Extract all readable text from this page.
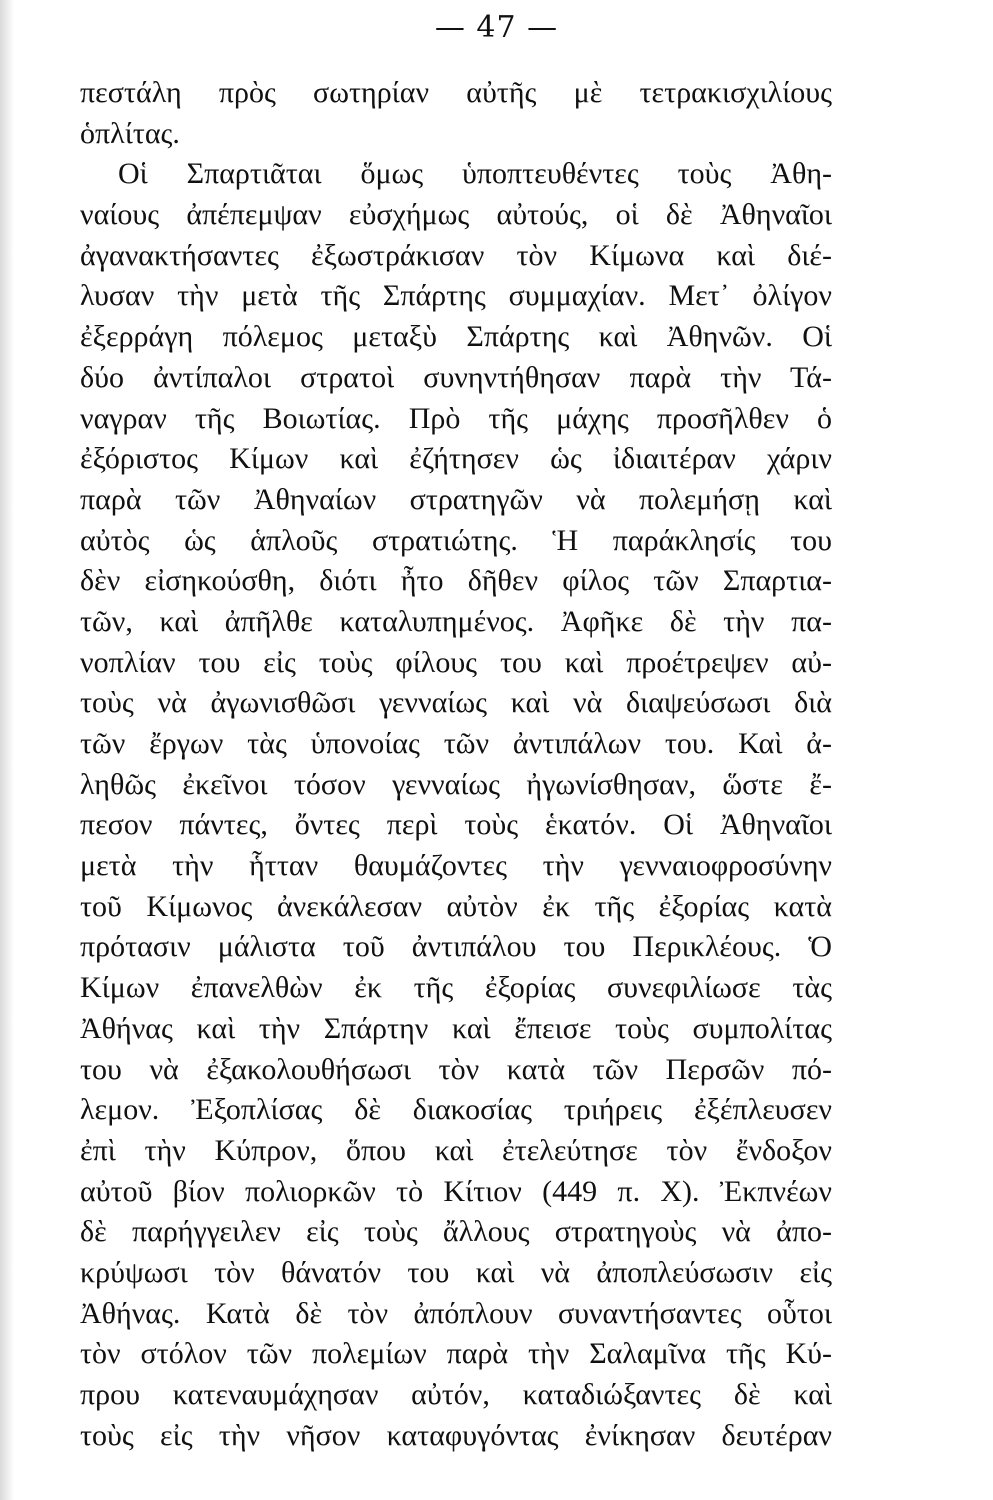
— 47 —
πεστάλη πρὸς σωτηρίαν αὐτῆς μὲ τετρακισχιλίους
ὁπλίτας.
Οἱ Σπαρτιᾶται ὅμως ὑποπτευθέντες τοὺς Ἀθη-
ναίους ἀπέπεμψαν εὐσχήμως αὐτούς, οἱ δὲ Ἀθηναῖοι
ἀγανακτήσαντες ἐξωστράκισαν τὸν Κίμωνα καὶ διέ-
λυσαν τὴν μετὰ τῆς Σπάρτης συμμαχίαν. Μετ᾽ ὀλίγον
ἐξερράγη πόλεμος μεταξὺ Σπάρτης καὶ Ἀθηνῶν. Οἱ
δύο ἀντίπαλοι στρατοὶ συνηντήθησαν παρὰ τὴν Τά-
ναγραν τῆς Βοιωτίας. Πρὸ τῆς μάχης προσῆλθεν ὁ
ἐξόριστος Κίμων καὶ ἐζήτησεν ὡς ἰδιαιτέραν χάριν
παρὰ τῶν Ἀθηναίων στρατηγῶν νὰ πολεμήσῃ καὶ
αὐτὸς ὡς ἁπλοῦς στρατιώτης. Ἡ παράκλησίς του
δὲν εἰσηκούσθη, διότι ἦτο δῆθεν φίλος τῶν Σπαρτια-
τῶν, καὶ ἀπῆλθε καταλυπημένος. Ἀφῆκε δὲ τὴν πα-
νοπλίαν του εἰς τοὺς φίλους του καὶ προέτρεψεν αὐ-
τοὺς νὰ ἀγωνισθῶσι γενναίως καὶ νὰ διαψεύσωσι διὰ
τῶν ἔργων τὰς ὑπονοίας τῶν ἀντιπάλων του. Καὶ ἀ-
ληθῶς ἐκεῖνοι τόσον γενναίως ἠγωνίσθησαν, ὥστε ἔ-
πεσον πάντες, ὄντες περὶ τοὺς ἑκατόν. Οἱ Ἀθηναῖοι
μετὰ τὴν ἧτταν θαυμάζοντες τὴν γενναιοφροσύνην
τοῦ Κίμωνος ἀνεκάλεσαν αὐτὸν ἐκ τῆς ἐξορίας κατὰ
πρότασιν μάλιστα τοῦ ἀντιπάλου του Περικλέους. Ὁ
Κίμων ἐπανελθὼν ἐκ τῆς ἐξορίας συνεφιλίωσε τὰς
Ἀθήνας καὶ τὴν Σπάρτην καὶ ἔπεισε τοὺς συμπολίτας
του νὰ ἐξακολουθήσωσι τὸν κατὰ τῶν Περσῶν πό-
λεμον. Ἐξοπλίσας δὲ διακοσίας τριήρεις ἐξέπλευσεν
ἐπὶ τὴν Κύπρον, ὅπου καὶ ἐτελεύτησε τὸν ἔνδοξον
αὐτοῦ βίον πολιορκῶν τὸ Κίτιον (449 π. Χ). Ἐκπνέων
δὲ παρήγγειλεν εἰς τοὺς ἄλλους στρατηγοὺς νὰ ἀπο-
κρύψωσι τὸν θάνατόν του καὶ νὰ ἀποπλεύσωσιν εἰς
Ἀθήνας. Κατὰ δὲ τὸν ἀπόπλουν συναντήσαντες οὗτοι
τὸν στόλον τῶν πολεμίων παρὰ τὴν Σαλαμῖνα τῆς Κύ-
πρου κατεναυμάχησαν αὐτόν, καταδιώξαντες δὲ καὶ
τοὺς εἰς τὴν νῆσον καταφυγόντας ἐνίκησαν δευτέραν
